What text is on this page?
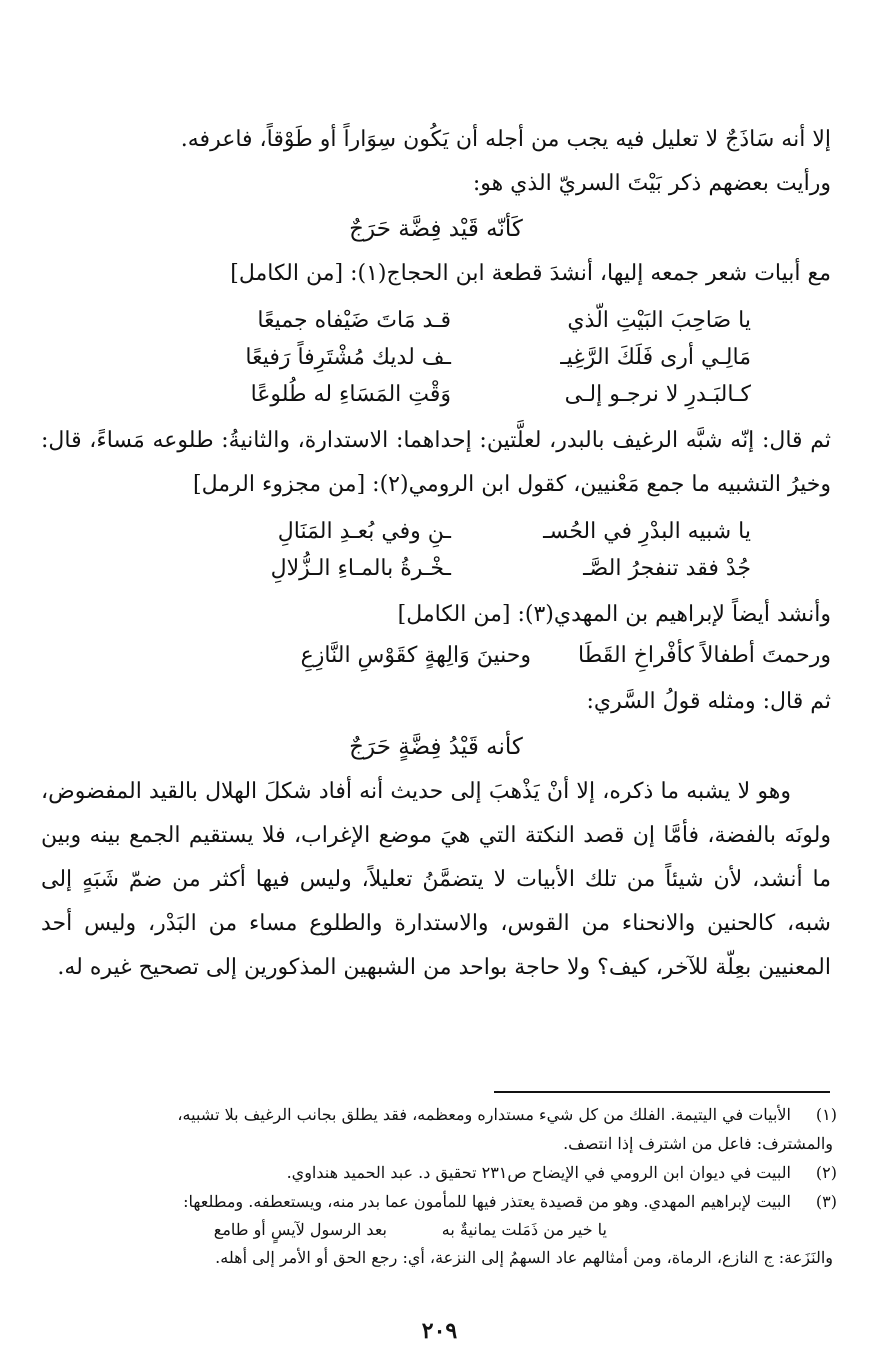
إلا أنه سَاذَجٌ لا تعليل فيه يجب من أجله أن يَكُون سِوَاراً أو طَوْقاً، فاعرفه.

ورأيت بعضهم ذكر بَيْتَ السريّ الذي هو:

كَأنّه قَيْد فِضَّة حَرَجٌ

مع أبيات شعر جمعه إليها، أنشدَ قطعة ابن الحجاج(١): [من الكامل]

يا صَاحِبَ البَيْتِ الّذي
قـد مَاتَ ضَيْفاه جميعًا
مَالِـي أرى فَلَكَ الرَّغِيـ
ـف لديك مُشْتَرِفاً رَفيعًا
كـالبَـدرِ لا نرجـو إلـى
وَقْتِ المَسَاءِ له طُلوعًا

ثم قال: إنّه شبَّه الرغيف بالبدر، لعلَّتين: إحداهما: الاستدارة، والثانيةُ: طلوعه مَساءً، قال: وخيرُ التشبيه ما جمع مَعْنيين، كقول ابن الرومي(٢): [من مجزوء الرمل]

يا شبيه البدْرِ في الحُسـ
ـنِ وفي بُعـدِ المَنَالِ
جُدْ فقد تنفجرُ الصَّـ
ـخْـرةُ بالمـاءِ الـزُّلالِ

وأنشد أيضاً لإبراهيم بن المهدي(٣): [من الكامل]

ورحمتَ أطفالاً كأفْراخِ القَطَا
وحنينَ وَالِهةٍ كقَوْسِ النَّازِعِ

ثم قال: ومثله قولُ السَّري:

كأنه قَيْدُ فِضَّةٍ حَرَجٌ

وهو لا يشبه ما ذكره، إلا أنْ يَذْهبَ إلى حديث أنه أفاد شكلَ الهلال بالقيد المفضوض، ولونَه بالفضة، فأمَّا إن قصد النكتة التي هيَ موضع الإغراب، فلا يستقيم الجمع بينه وبين ما أنشد، لأن شيئاً من تلك الأبيات لا يتضمَّنُ تعليلاً، وليس فيها أكثر من ضمّ شَبَهٍ إلى شبه، كالحنين والانحناء من القوس، والاستدارة والطلوع مساء من البَدْر، وليس أحد المعنيين بعِلّة للآخر، كيف؟ ولا حاجة بواحد من الشبهين المذكورين إلى تصحيح غيره له.

(١)الأبيات في اليتيمة. الفلك من كل شيء مستداره ومعظمه، فقد يطلق بجانب الرغيف بلا تشبيه،

والمشترف: فاعل من اشترف إذا انتصف.

(٢)البيت في ديوان ابن الرومي في الإيضاح ص٢٣١ تحقيق د. عبد الحميد هنداوي.

(٣)البيت لإبراهيم المهدي. وهو من قصيدة يعتذر فيها للمأمون عما بدر منه، ويستعطفه. ومطلعها:

يا خير من ذَمَلت يمانيةٌ به
بعد الرسول لآيسٍ أو طامع

والنَزَعة: ج النازع، الرماة، ومن أمثالهم عاد السهمُ إلى النزعة، أي: رجع الحق أو الأمر إلى أهله.

٢٠٩
